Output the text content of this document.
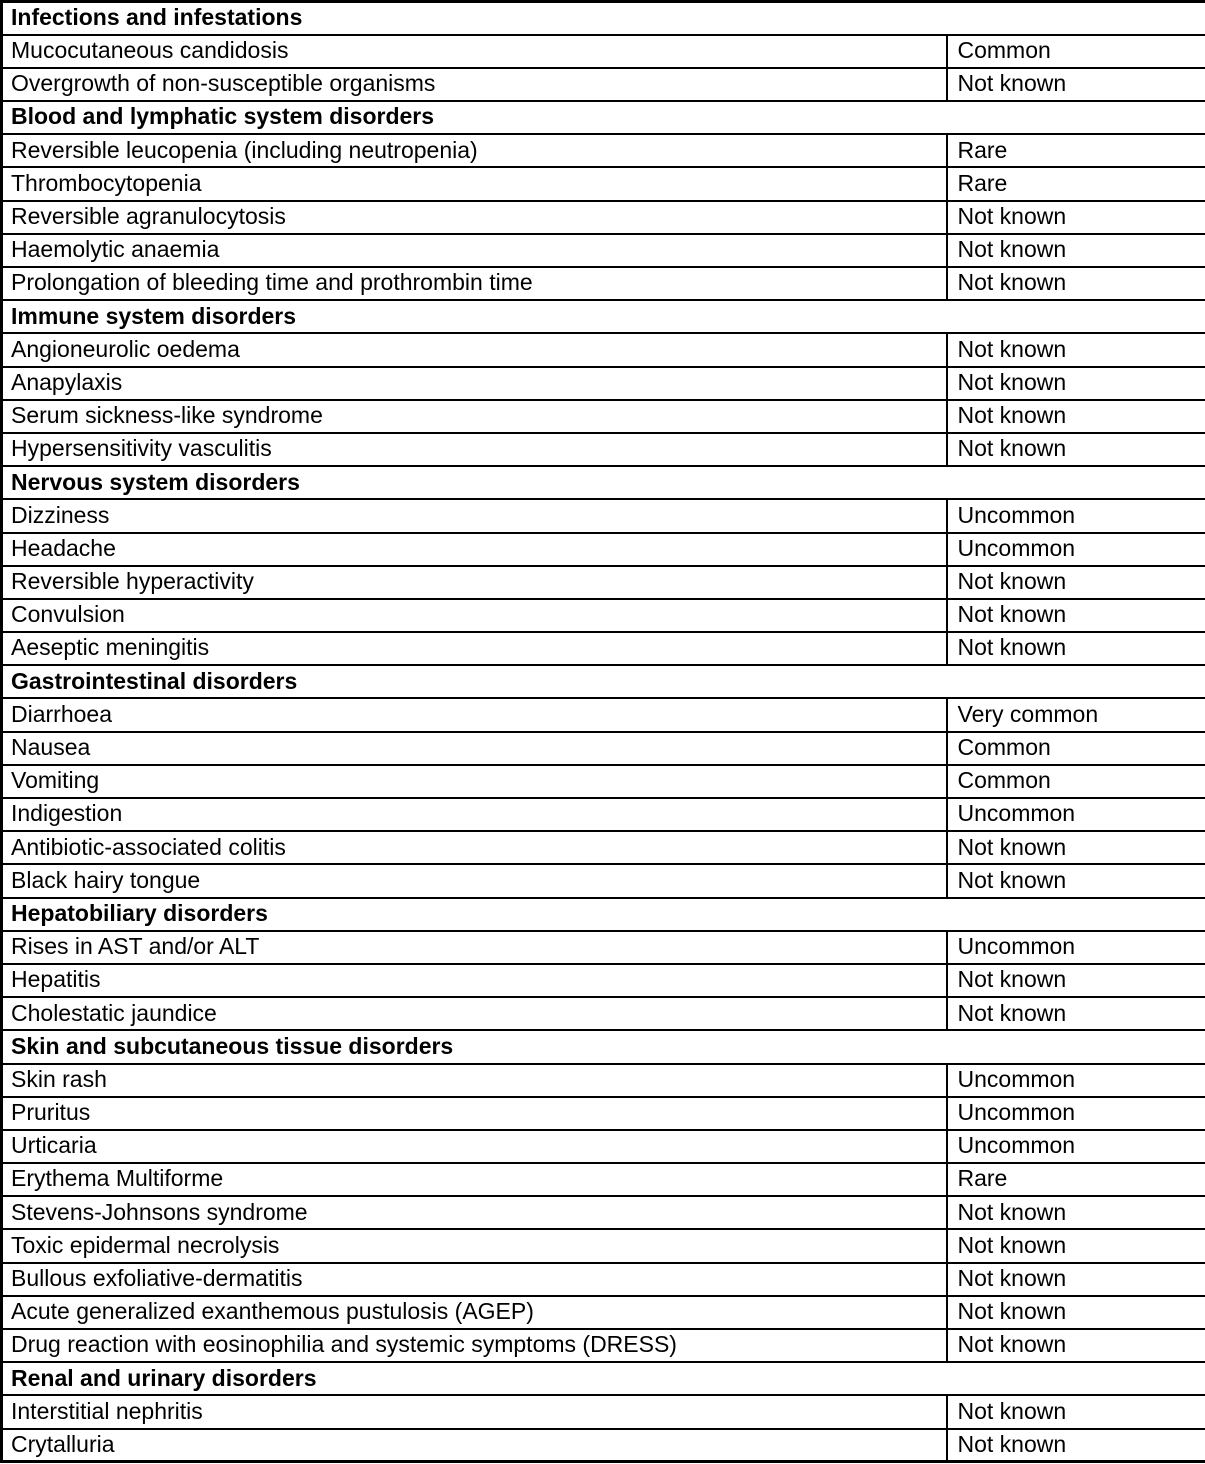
Infections and infestations	
Mucocutaneous candidosis	Common
Overgrowth of non-susceptible organisms	Not known
Blood and lymphatic system disorders	
Reversible leucopenia (including neutropenia)	Rare
Thrombocytopenia	Rare
Reversible agranulocytosis	Not known
Haemolytic anaemia	Not known
Prolongation of bleeding time and prothrombin time	Not known
Immune system disorders	
Angioneurolic oedema	Not known
Anapylaxis	Not known
Serum sickness-like syndrome	Not known
Hypersensitivity vasculitis	Not known
Nervous system disorders	
Dizziness	Uncommon
Headache	Uncommon
Reversible hyperactivity	Not known
Convulsion	Not known
Aeseptic meningitis	Not known
Gastrointestinal disorders	
Diarrhoea	Very common
Nausea	Common
Vomiting	Common
Indigestion	Uncommon
Antibiotic-associated colitis	Not known
Black hairy tongue	Not known
Hepatobiliary disorders	
Rises in AST and/or ALT	Uncommon
Hepatitis	Not known
Cholestatic jaundice	Not known
Skin and subcutaneous tissue disorders	
Skin rash	Uncommon
Pruritus	Uncommon
Urticaria	Uncommon
Erythema Multiforme	Rare
Stevens-Johnsons syndrome	Not known
Toxic epidermal necrolysis	Not known
Bullous exfoliative-dermatitis	Not known
Acute generalized exanthemous pustulosis (AGEP)	Not known
Drug reaction with eosinophilia and systemic symptoms (DRESS)	Not known
Renal and urinary disorders	
Interstitial nephritis	Not known
Crytalluria	Not known
